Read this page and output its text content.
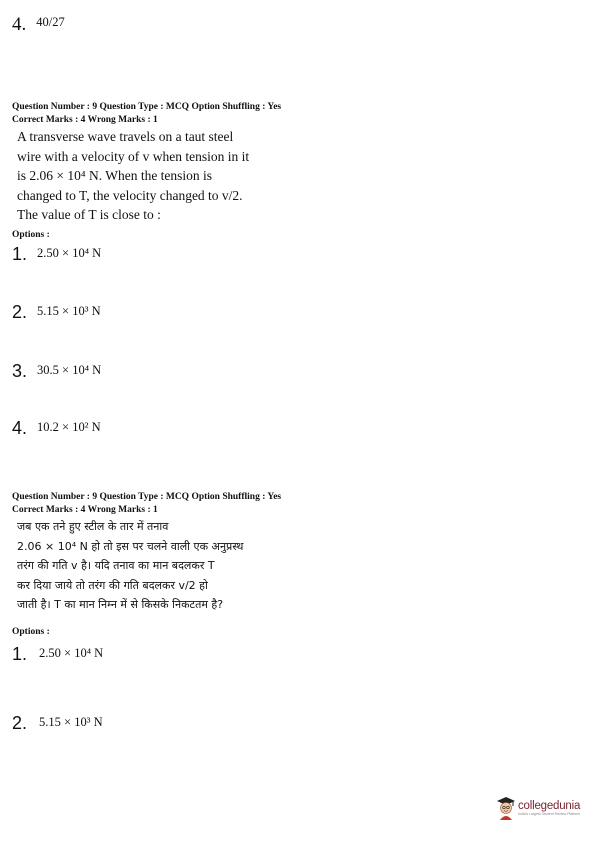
4. $^{40/27}$
Question Number : 9 Question Type : MCQ Option Shuffling : Yes
Correct Marks : 4 Wrong Marks : 1
A transverse wave travels on a taut steel
wire with a velocity of v when tension in it
is 2.06 × 10⁴ N. When the tension is
changed to T, the velocity changed to v/2.
The value of T is close to :
Options :
1. 2.50 × 10⁴ N
2. 5.15 × 10³ N
3. 30.5 × 10⁴ N
4. 10.2 × 10² N
Question Number : 9 Question Type : MCQ Option Shuffling : Yes
Correct Marks : 4 Wrong Marks : 1
जब एक तने हुए स्टील के तार में तनाव
2.06 × 10⁴ N हो तो इस पर चलने वाली एक अनुप्रस्थ
तरंग की गति v है। यदि तनाव का मान बदलकर T
कर दिया जाये तो तरंग की गति बदलकर v/2 हो
जाती है। T का मान निम्न में से किसके निकटतम है?
Options :
1. 2.50 × 10⁴ N
2. 5.15 × 10³ N
collegedunia
India's Largest Student Review Platform
